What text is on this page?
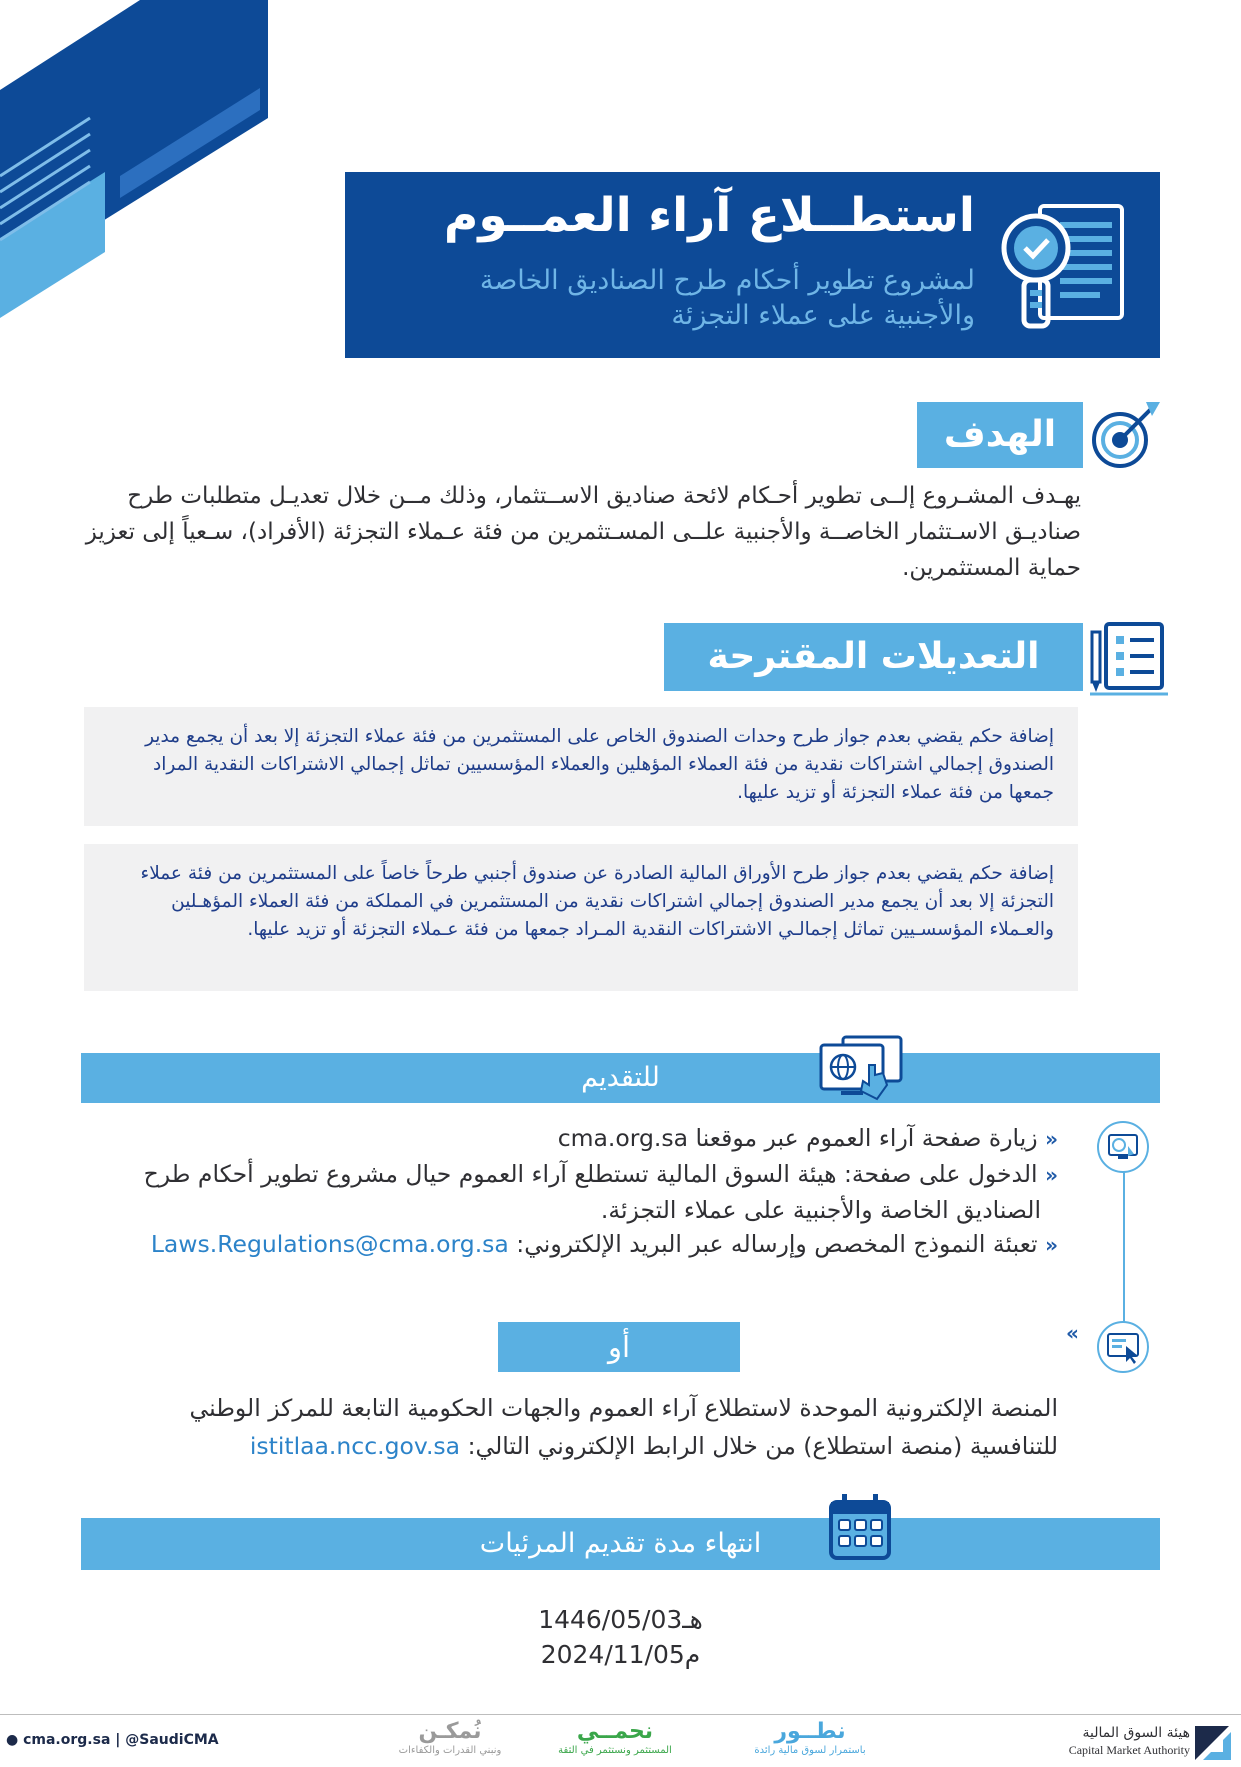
استطــلاع آراء العمــوم
لمشروع تطوير أحكام طرح الصناديق الخاصة
والأجنبية على عملاء التجزئة
الهدف
يهـدف المشـروع إلــى تطوير أحـكام لائحة صناديق الاســتثمار، وذلك مــن خلال تعديـل متطلبات طرح صناديـق الاسـتثمار الخاصــة والأجنبية علــى المسـتثمرين من فئة عـملاء التجزئة (الأفراد)، سـعياً إلى تعزيز حماية المستثمرين.
التعديلات المقترحة
إضافة حكم يقضي بعدم جواز طرح وحدات الصندوق الخاص على المستثمرين من فئة عملاء التجزئة إلا بعد أن يجمع مدير الصندوق إجمالي اشتراكات نقدية من فئة العملاء المؤهلين والعملاء المؤسسيين تماثل إجمالي الاشتراكات النقدية المراد جمعها من فئة عملاء التجزئة أو تزيد عليها.
إضافة حكم يقضي بعدم جواز طرح الأوراق المالية الصادرة عن صندوق أجنبي طرحاً خاصاً على المستثمرين من فئة عملاء التجزئة إلا بعد أن يجمع مدير الصندوق إجمالي اشتراكات نقدية من المستثمرين في المملكة من فئة العملاء المؤهـلين والعـملاء المؤسسـيين تماثل إجمالـي الاشتراكات النقدية المـراد جمعها من فئة عـملاء التجزئة أو تزيد عليها.
للتقديم
« زيارة صفحة آراء العموم عبر موقعنا cma.org.sa
« الدخول على صفحة: هيئة السوق المالية تستطلع آراء العموم حيال مشروع تطوير أحكام طرح
الصناديق الخاصة والأجنبية على عملاء التجزئة.
« تعبئة النموذج المخصص وإرساله عبر البريد الإلكتروني: Laws.Regulations@cma.org.sa
«
أو
المنصة الإلكترونية الموحدة لاستطلاع آراء العموم والجهات الحكومية التابعة للمركز الوطني
للتنافسية (منصة استطلاع) من خلال الرابط الإلكتروني التالي: istitlaa.ncc.gov.sa
انتهاء مدة تقديم المرئيات
1446/05/03هـ
2024/11/05م
● cma.org.sa | @SaudiCMA	نُمكـن
ونبني القدرات والكفاءات
نحمــي
المستثمر ونستثمر في الثقة
نطــور
باستمرار لسوق مالية رائدة
هيئة السوق المالية
Capital Market Authority
